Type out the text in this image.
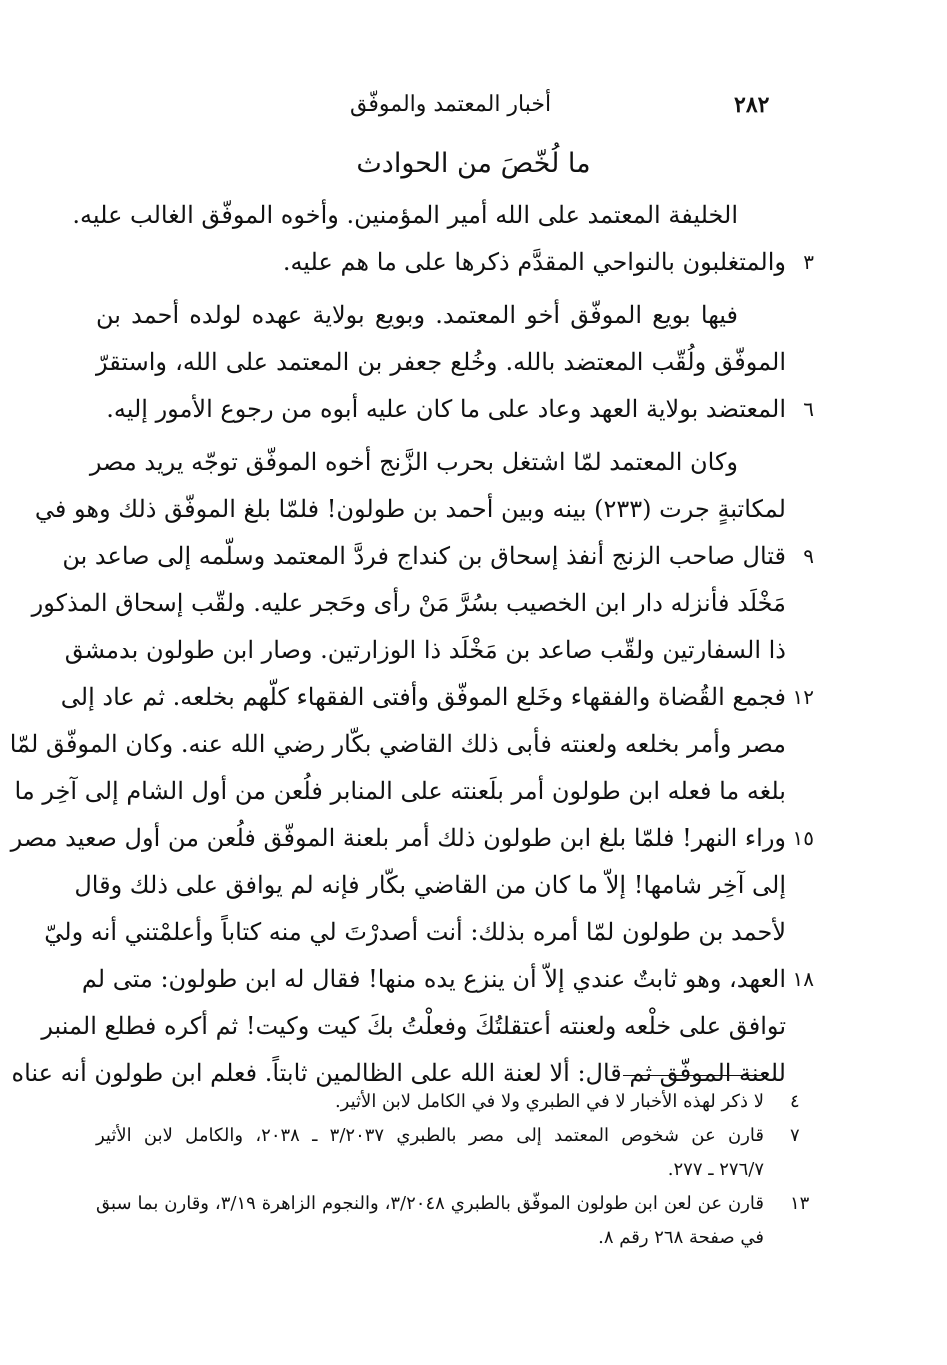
٢٨٢
أخبار المعتمد والموفّق
ما لُخّصَ من الحوادث
الخليفة المعتمد على الله أمير المؤمنين. وأخوه الموفّق الغالب عليه.
والمتغلبون بالنواحي المقدَّم ذكرها على ما هم عليه. ٣
فيها بويع الموفّق أخو المعتمد. وبويع بولاية عهده لولده أحمد بن
الموفّق ولُقّب المعتضد بالله. وخُلع جعفر بن المعتمد على الله، واستقرّ
المعتضد بولاية العهد وعاد على ما كان عليه أبوه من رجوع الأمور إليه. ٦
وكان المعتمد لمّا اشتغل بحرب الزَّنج أخوه الموفّق توجّه يريد مصر
لمكاتبةٍ جرت (٢٣٣) بينه وبين أحمد بن طولون! فلمّا بلغ الموفّق ذلك وهو في
قتال صاحب الزنج أنفذ إسحاق بن كنداج فردَّ المعتمد وسلّمه إلى صاعد بن ٩
مَخْلَد فأنزله دار ابن الخصيب بسُرَّ مَنْ رأى وحَجر عليه. ولقّب إسحاق المذكور
ذا السفارتين ولقّب صاعد بن مَخْلَد ذا الوزارتين. وصار ابن طولون بدمشق
فجمع القُضاة والفقهاء وخَلع الموفّق وأفتى الفقهاء كلّهم بخلعه. ثم عاد إلى ١٢
مصر وأمر بخلعه ولعنته فأبى ذلك القاضي بكّار رضي الله عنه. وكان الموفّق لمّا
بلغه ما فعله ابن طولون أمر بلَعنته على المنابر فلُعن من أول الشام إلى آخِر ما
وراء النهر! فلمّا بلغ ابن طولون ذلك أمر بلعنة الموفّق فلُعن من أول صعيد مصر ١٥
إلى آخِر شامها! إلاّ ما كان من القاضي بكّار فإنه لم يوافق على ذلك وقال
لأحمد بن طولون لمّا أمره بذلك: أنت أصدرْتَ لي منه كتاباً وأعلمْتني أنه وليّ
العهد، وهو ثابتٌ عندي إلاّ أن ينزع يده منها! فقال له ابن طولون: متى لم ١٨
توافق على خلْعه ولعنته أعتقلتُكَ وفعلْتُ بكَ كيت وكيت! ثم أكره فطلع المنبر
للعنة الموفّق ثم قال: ألا لعنة الله على الظالمين ثابتاً. فعلم ابن طولون أنه عناه
٤
لا ذكر لهذه الأخبار لا في الطبري ولا في الكامل لابن الأثير.
٧
قارن عن شخوص المعتمد إلى مصر بالطبري ٣/٢٠٣٧ ـ ٢٠٣٨، والكامل لابن الأثير
٢٧٦/٧ ـ ٢٧٧.
١٣
قارن عن لعن ابن طولون الموفّق بالطبري ٣/٢٠٤٨، والنجوم الزاهرة ٣/١٩، وقارن بما سبق
في صفحة ٢٦٨ رقم ٨.
